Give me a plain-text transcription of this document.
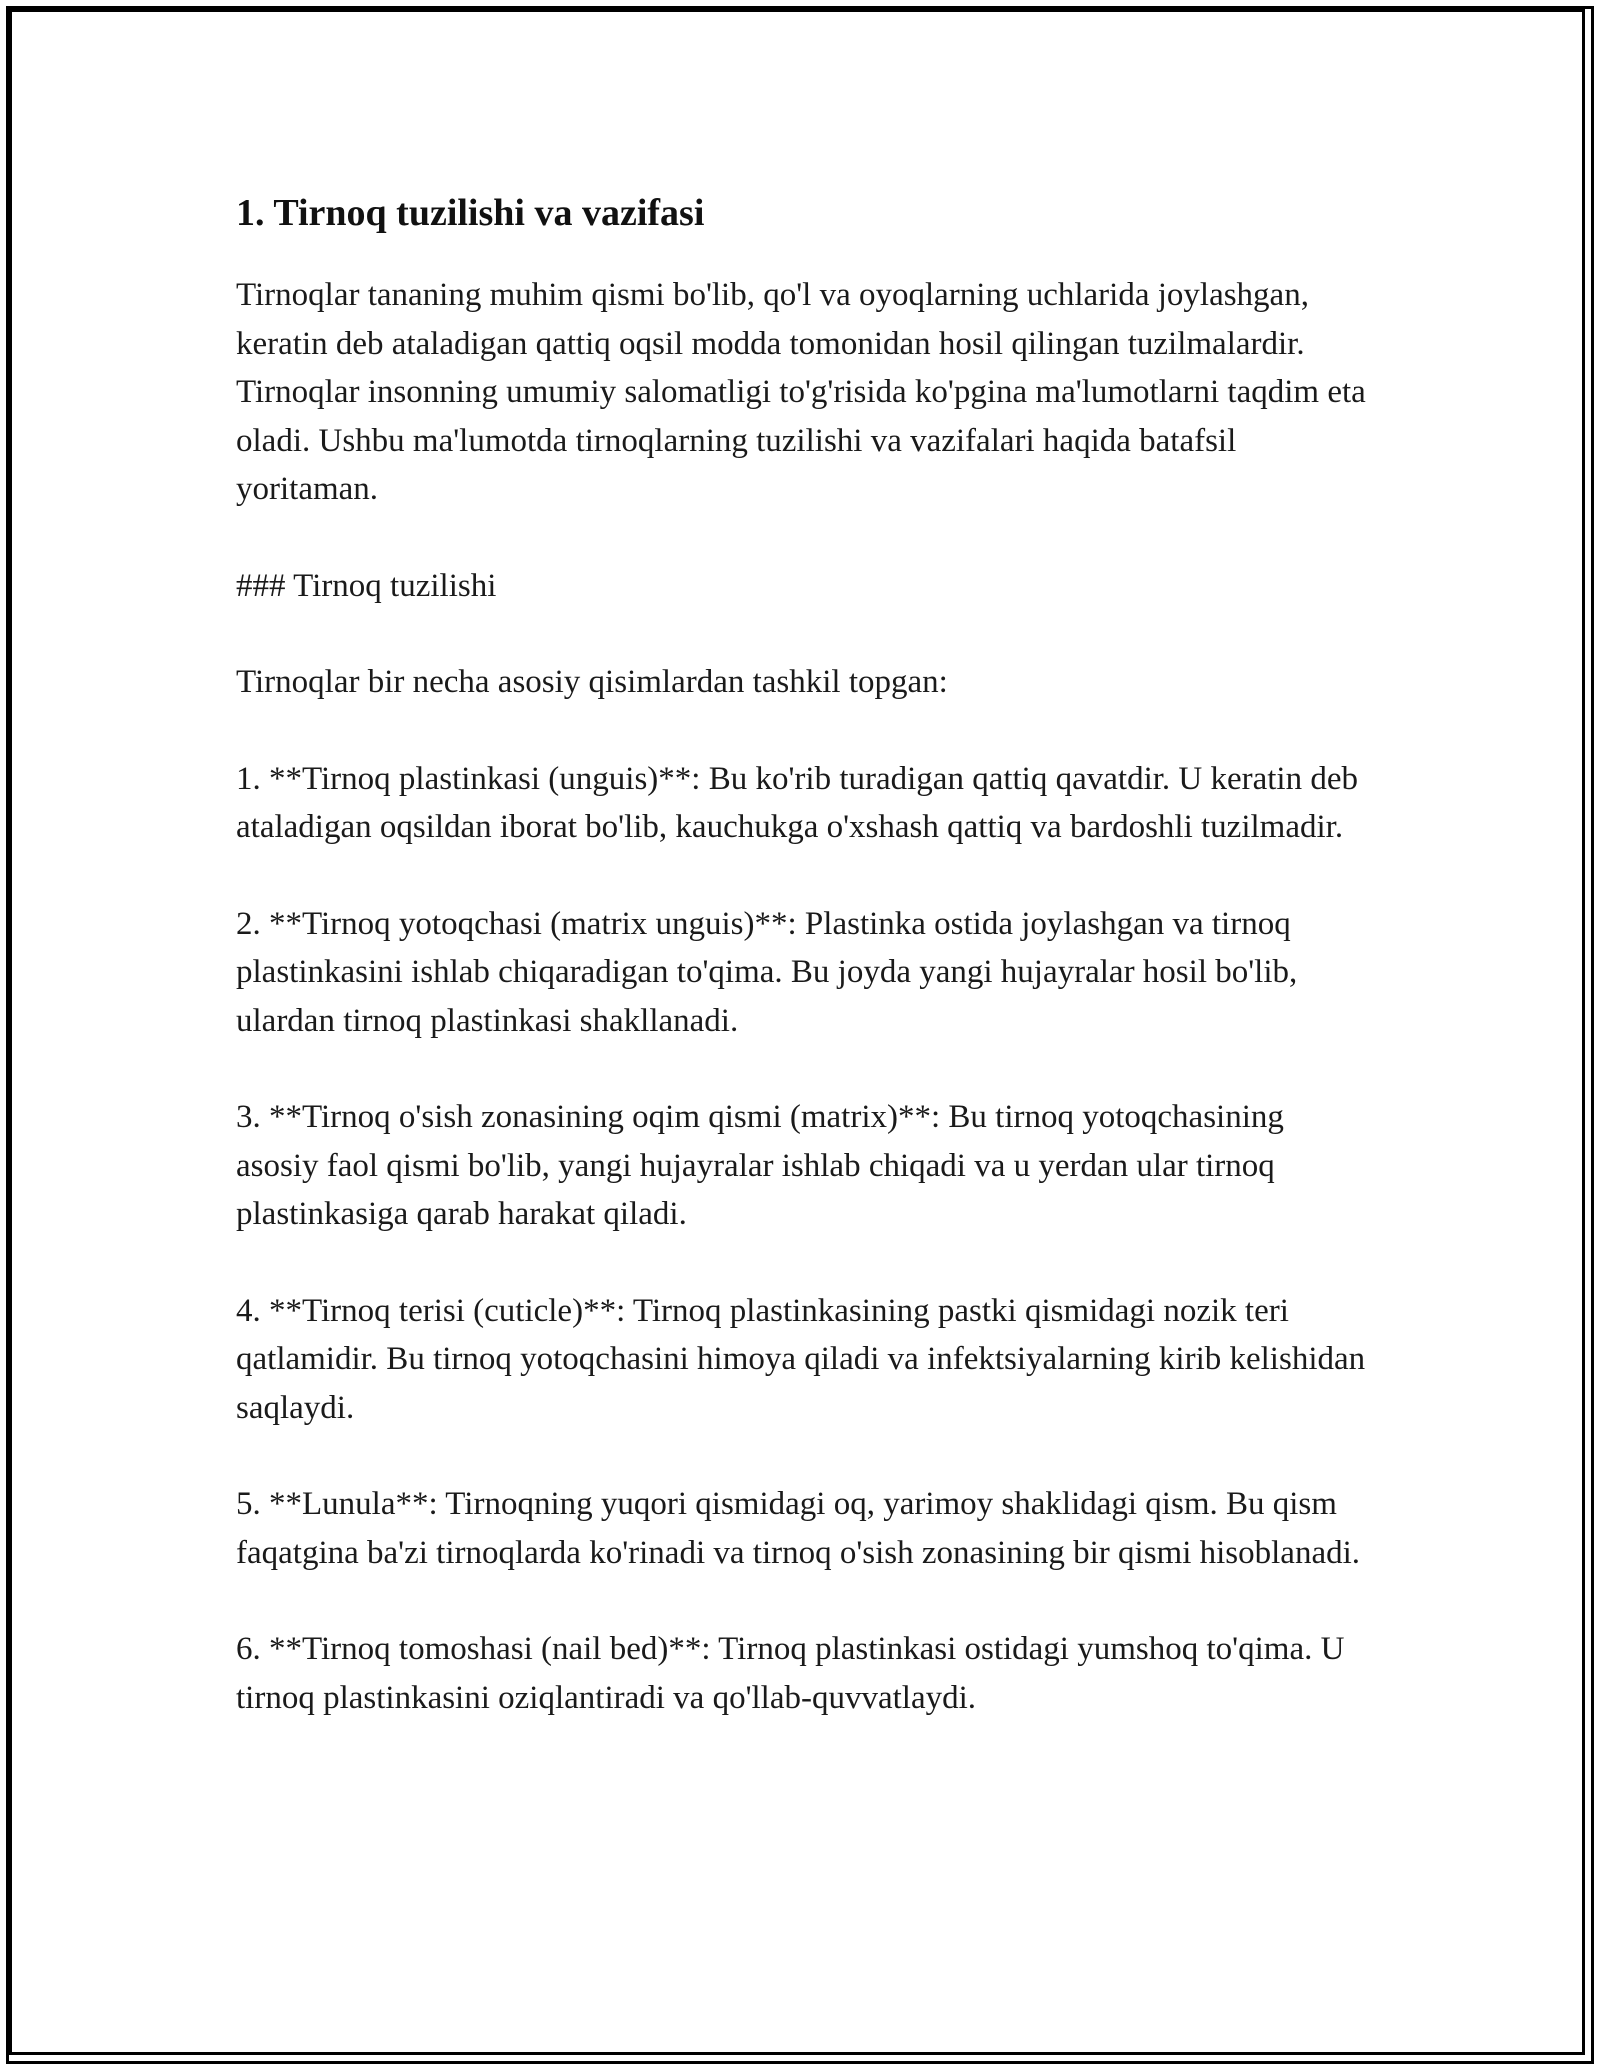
1. Tirnoq tuzilishi va vazifasi

Tirnoqlar tananing muhim qismi bo'lib, qo'l va oyoqlarning uchlarida joylashgan, keratin deb ataladigan qattiq oqsil modda tomonidan hosil qilingan tuzilmalardir. Tirnoqlar insonning umumiy salomatligi to'g'risida ko'pgina ma'lumotlarni taqdim eta oladi. Ushbu ma'lumotda tirnoqlarning tuzilishi va vazifalari haqida batafsil yoritaman.

### Tirnoq tuzilishi

Tirnoqlar bir necha asosiy qisimlardan tashkil topgan:

1. **Tirnoq plastinkasi (unguis)**: Bu ko'rib turadigan qattiq qavatdir. U keratin deb ataladigan oqsildan iborat bo'lib, kauchukga o'xshash qattiq va bardoshli tuzilmadir.

2. **Tirnoq yotoqchasi (matrix unguis)**: Plastinka ostida joylashgan va tirnoq plastinkasini ishlab chiqaradigan to'qima. Bu joyda yangi hujayralar hosil bo'lib, ulardan tirnoq plastinkasi shakllanadi.

3. **Tirnoq o'sish zonasining oqim qismi (matrix)**: Bu tirnoq yotoqchasining asosiy faol qismi bo'lib, yangi hujayralar ishlab chiqadi va u yerdan ular tirnoq plastinkasiga qarab harakat qiladi.

4. **Tirnoq terisi (cuticle)**: Tirnoq plastinkasining pastki qismidagi nozik teri qatlamidir. Bu tirnoq yotoqchasini himoya qiladi va infektsiyalarning kirib kelishidan saqlaydi.

5. **Lunula**: Tirnoqning yuqori qismidagi oq, yarimoy shaklidagi qism. Bu qism faqatgina ba'zi tirnoqlarda ko'rinadi va tirnoq o'sish zonasining bir qismi hisoblanadi.

6. **Tirnoq tomoshasi (nail bed)**: Tirnoq plastinkasi ostidagi yumshoq to'qima. U tirnoq plastinkasini oziqlantiradi va qo'llab-quvvatlaydi.
